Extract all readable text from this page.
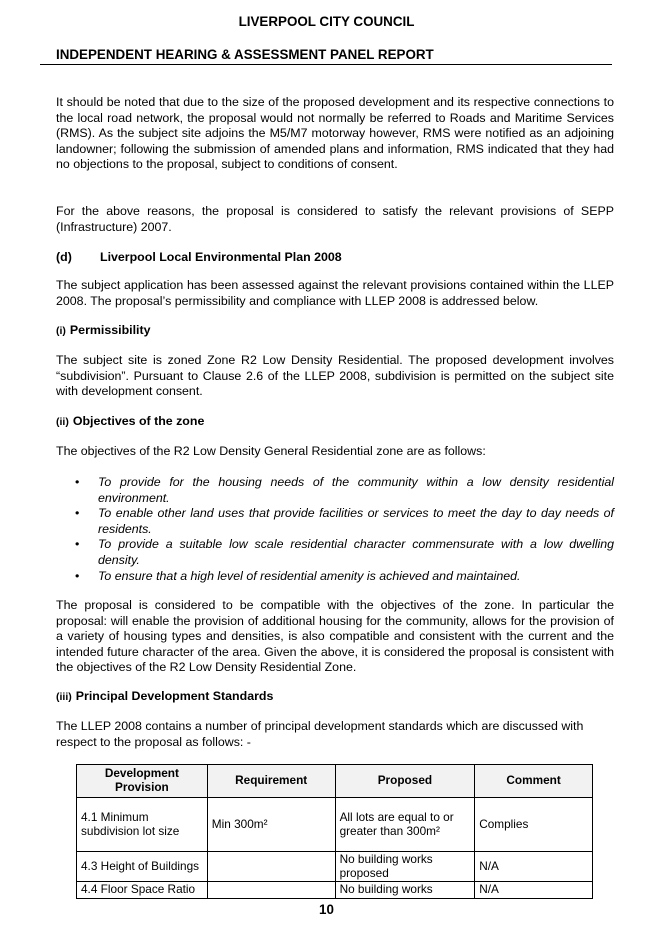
LIVERPOOL CITY COUNCIL
INDEPENDENT HEARING & ASSESSMENT PANEL REPORT

It should be noted that due to the size of the proposed development and its respective connections to the local road network, the proposal would not normally be referred to Roads and Maritime Services (RMS). As the subject site adjoins the M5/M7 motorway however, RMS were notified as an adjoining landowner; following the submission of amended plans and information, RMS indicated that they had no objections to the proposal, subject to conditions of consent.

For the above reasons, the proposal is considered to satisfy the relevant provisions of SEPP (Infrastructure) 2007.

(d) Liverpool Local Environmental Plan 2008

The subject application has been assessed against the relevant provisions contained within the LLEP 2008. The proposal’s permissibility and compliance with LLEP 2008 is addressed below.

(i) Permissibility

The subject site is zoned Zone R2 Low Density Residential. The proposed development involves “subdivision”. Pursuant to Clause 2.6 of the LLEP 2008, subdivision is permitted on the subject site with development consent.

(ii) Objectives of the zone

The objectives of the R2 Low Density General Residential zone are as follows:

• To provide for the housing needs of the community within a low density residential environment.
• To enable other land uses that provide facilities or services to meet the day to day needs of residents.
• To provide a suitable low scale residential character commensurate with a low dwelling density.
• To ensure that a high level of residential amenity is achieved and maintained.

The proposal is considered to be compatible with the objectives of the zone. In particular the proposal: will enable the provision of additional housing for the community, allows for the provision of a variety of housing types and densities, is also compatible and consistent with the current and the intended future character of the area. Given the above, it is considered the proposal is consistent with the objectives of the R2 Low Density Residential Zone.

(iii) Principal Development Standards

The LLEP 2008 contains a number of principal development standards which are discussed with respect to the proposal as follows: -

Development Provision	Requirement	Proposed	Comment
4.1 Minimum subdivision lot size	Min 300m²	All lots are equal to or greater than 300m²	Complies
4.3 Height of Buildings		No building works proposed	N/A
4.4 Floor Space Ratio		No building works	N/A
10
